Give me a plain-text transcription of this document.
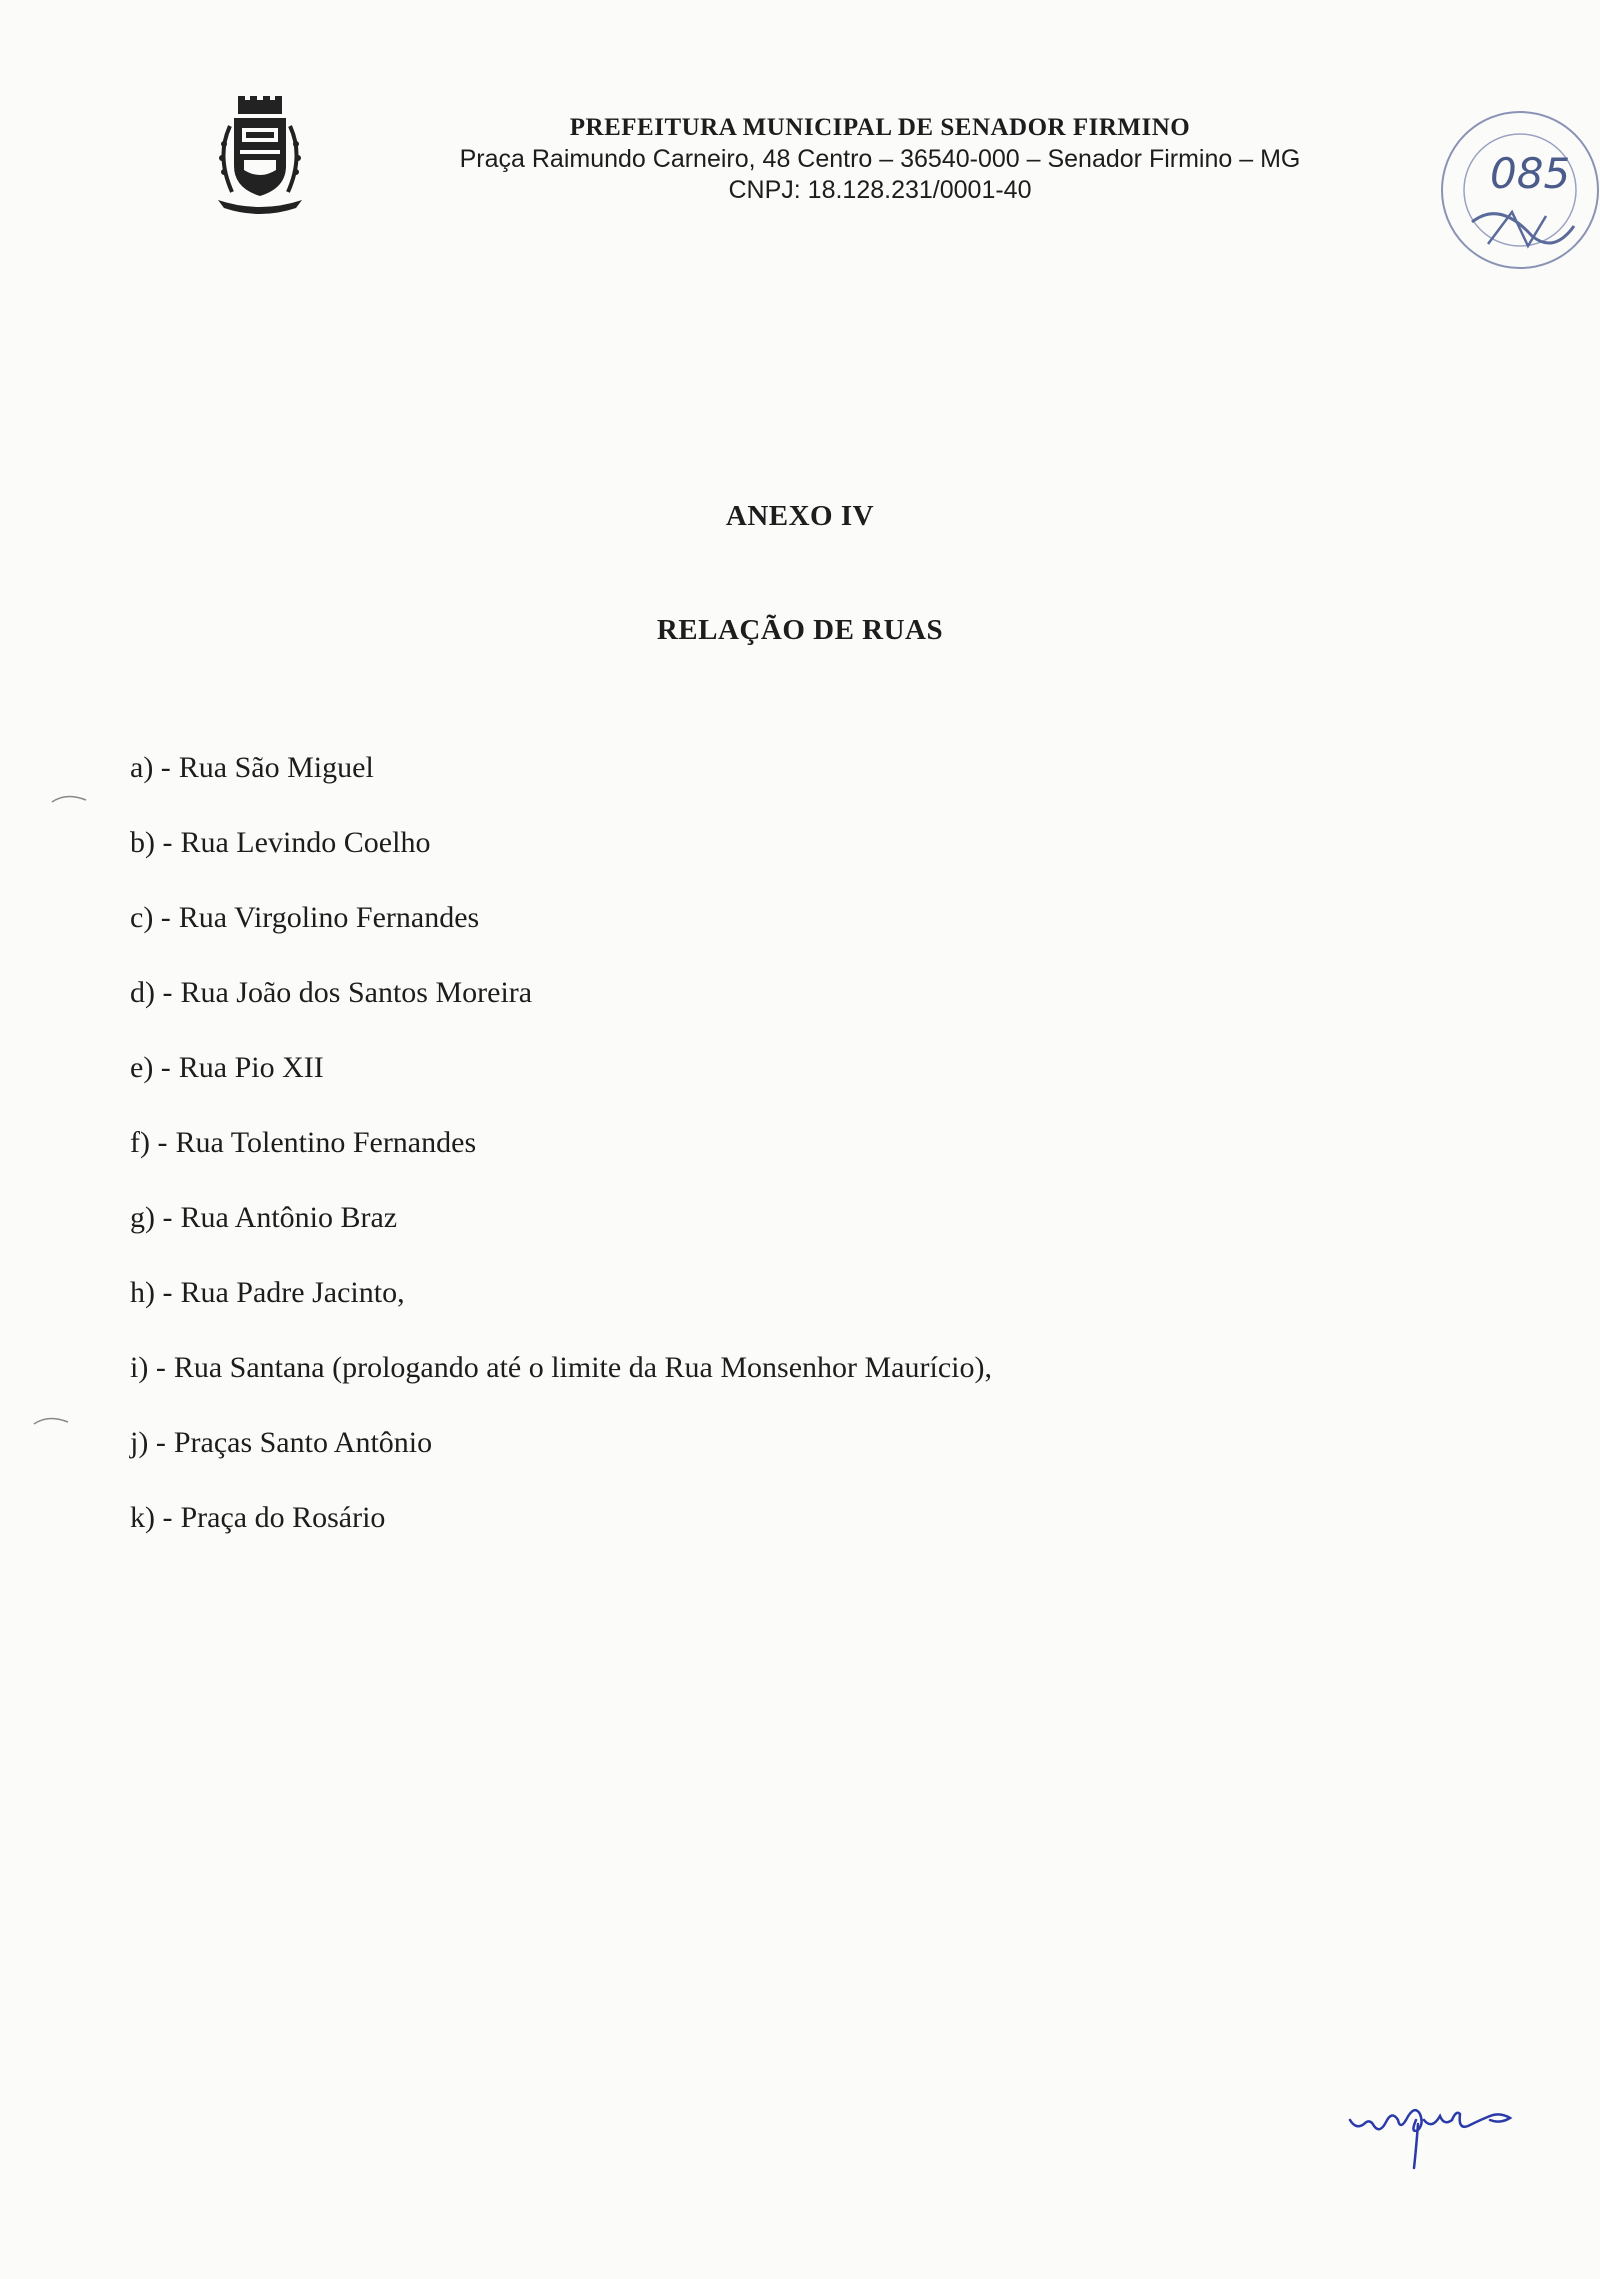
PREFEITURA MUNICIPAL DE SENADOR FIRMINO
Praça Raimundo Carneiro, 48 Centro – 36540-000 – Senador Firmino – MG
CNPJ: 18.128.231/0001-40	085
ANEXO IV
RELAÇÃO DE RUAS
a) - Rua São Miguel
b) - Rua Levindo Coelho
c) - Rua Virgolino Fernandes
d) - Rua João dos Santos Moreira
e) - Rua Pio XII
f) - Rua Tolentino Fernandes
g) - Rua Antônio Braz
h) - Rua Padre Jacinto,
i) - Rua Santana (prologando até o limite da Rua Monsenhor Maurício),
j) - Praças Santo Antônio
k) - Praça do Rosário
